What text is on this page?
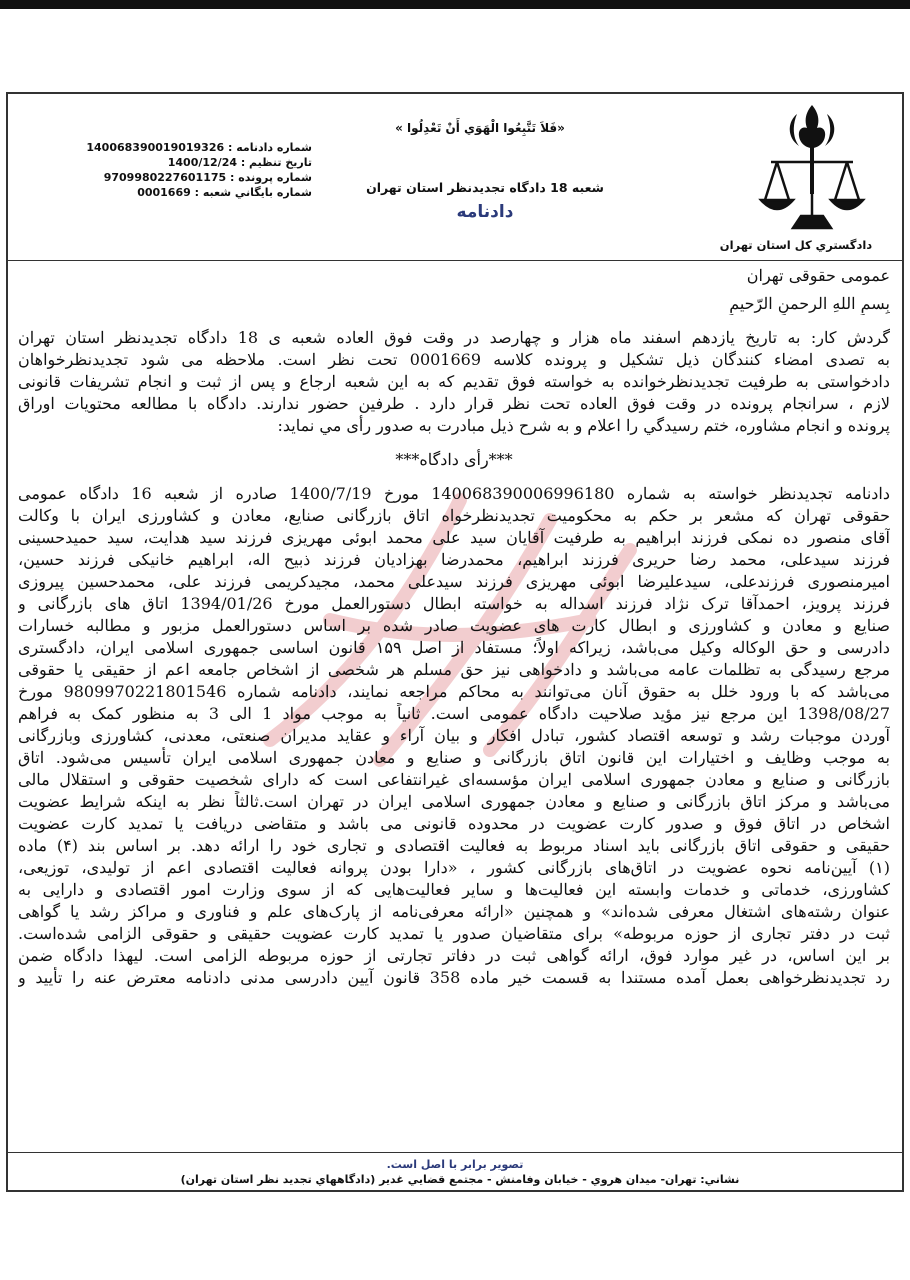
دادگستري كل استان تهران
«فَلاَ تَتَّبِعُوا الْهَوَي أَنْ تَعْدِلُوا »
شعبه 18 دادگاه تجديدنظر استان تهران
دادنامه
شماره دادنامه : 140068390019019326
تاريخ تنظيم : 1400/12/24
شماره پرونده : 9709980227601175
شماره بايگاني شعبه : 0001669
عمومی حقوقی تهران
بِسمِ اللهِ الرحمنِ الرّحیمِ
گردش کار: به تاریخ یازدهم اسفند ماه هزار و چهارصد در وقت فوق العاده شعبه ی 18 دادگاه تجدیدنظر استان تهران
به تصدی امضاء کنندگان ذیل تشکیل و پرونده کلاسه 0001669 تحت نظر است. ملاحظه می شود تجدیدنظرخواهان
دادخواستی به طرفیت تجدیدنظرخوانده به خواسته فوق تقدیم که به این شعبه ارجاع و پس از ثبت و انجام تشریفات قانونی
لازم ، سرانجام پرونده در وقت فوق العاده تحت نظر قرار دارد . طرفین حضور ندارند. دادگاه با مطالعه محتویات اوراق
پرونده و انجام مشاوره، ختم رسیدگي را اعلام و به شرح ذیل مبادرت به صدور رأی مي نماید:
***رأی دادگاه***
دادنامه تجدیدنظر خواسته به شماره 140068390006996180 مورخ 1400/7/19 صادره از شعبه 16 دادگاه عمومی
حقوقی تهران که مشعر بر حکم به محکومیت تجدیدنظرخواه اتاق بازرگانی صنایع، معادن و کشاورزی ایران با وکالت
آقای منصور ده نمکی فرزند ابراهیم به طرفیت آقایان سید علی محمد ابوئی مهریزی فرزند سید هدایت، سید حمیدحسینی
فرزند سیدعلی، محمد رضا حریری فرزند ابراهیم، محمدرضا بهزادیان فرزند ذبیح اله، ابراهیم خانیکی فرزند حسین،
امیرمنصوری فرزندعلی، سیدعلیرضا ابوئی مهریزی فرزند سیدعلی محمد، مجیدکریمی فرزند علی، محمدحسین پیروزی
فرزند پرویز، احمدآقا ترک نژاد فرزند اسداله به خواسته ابطال دستورالعمل مورخ 1394/01/26 اتاق های بازرگانی و
صنایع و معادن و کشاورزی و ابطال کارت های عضویت صادر شده بر اساس دستورالعمل مزبور و مطالبه خسارات
دادرسی و حق الوکاله وکیل می‌باشد، زیراکه اولاً؛ مستفاد از اصل ۱۵۹ قانون اساسی جمهوری اسلامی ایران، دادگستری
مرجع رسیدگی به تظلمات عامه می‌باشد و دادخواهی نیز حق مسلم هر شخصی از اشخاص جامعه اعم از حقیقی یا حقوقی
می‌باشد که با ورود خلل به حقوق آنان می‌توانند به محاکم مراجعه نمایند، دادنامه شماره 9809970221801546 مورخ
1398/08/27 این مرجع نیز مؤید صلاحیت دادگاه عمومی است. ثانیاً به موجب مواد 1 الی 3 به منظور کمک به فراهم
آوردن موجبات رشد و توسعه اقتصاد کشور، تبادل افکار و بیان آراء و عقاید مدیران صنعتی، معدنی، کشاورزی وبازرگانی
به موجب وظایف و اختیارات این قانون اتاق بازرگانی و صنایع و معادن جمهوری اسلامی ایران تأسیس می‌شود. اتاق
بازرگانی و صنایع و معادن جمهوری اسلامی ایران مؤسسه‌ای غیرانتفاعی است که دارای شخصیت حقوقی و استقلال مالی
می‌باشد و مرکز اتاق بازرگانی و صنایع و معادن جمهوری اسلامی ایران در تهران است.ثالثاً نظر به اینکه شرایط عضویت
اشخاص در اتاق فوق و صدور کارت عضویت در محدوده قانونی می باشد و متقاضی دریافت یا تمدید کارت عضویت
حقیقی و حقوقی اتاق بازرگانی باید اسناد مربوط به فعالیت اقتصادی و تجاری خود را ارائه دهد. بر اساس بند (۴) ماده
(۱) آیین‌نامه نحوه عضویت در اتاق‌های بازرگانی کشور ، «دارا بودن پروانه فعالیت اقتصادی اعم از تولیدی، توزیعی،
کشاورزی، خدماتی و خدمات وابسته این فعالیت‌ها و سایر فعالیت‌هایی که از سوی وزارت امور اقتصادی و دارایی به
عنوان رشته‌های اشتغال معرفی شده‌اند» و همچنین «ارائه معرفی‌نامه از پارک‌های علم و فناوری و مراکز رشد یا گواهی
ثبت در دفتر تجاری از حوزه مربوطه» برای متقاضیان صدور یا تمدید کارت عضویت حقیقی و حقوقی الزامی شده‌است.
بر این اساس، در غیر موارد فوق، ارائه گواهی ثبت در دفاتر تجارتی از حوزه مربوطه الزامی است. لیهذا دادگاه ضمن
رد تجدیدنظرخواهی بعمل آمده مستندا به قسمت خیر ماده 358 قانون آیین دادرسی مدنی دادنامه معترض عنه را تأیید و
تصوير برابر با اصل است.
نشاني: تهران- ميدان هروي - خيابان وفامنش - مجتمع قضايي غدير (دادگاههاي تجديد نظر استان تهران)
